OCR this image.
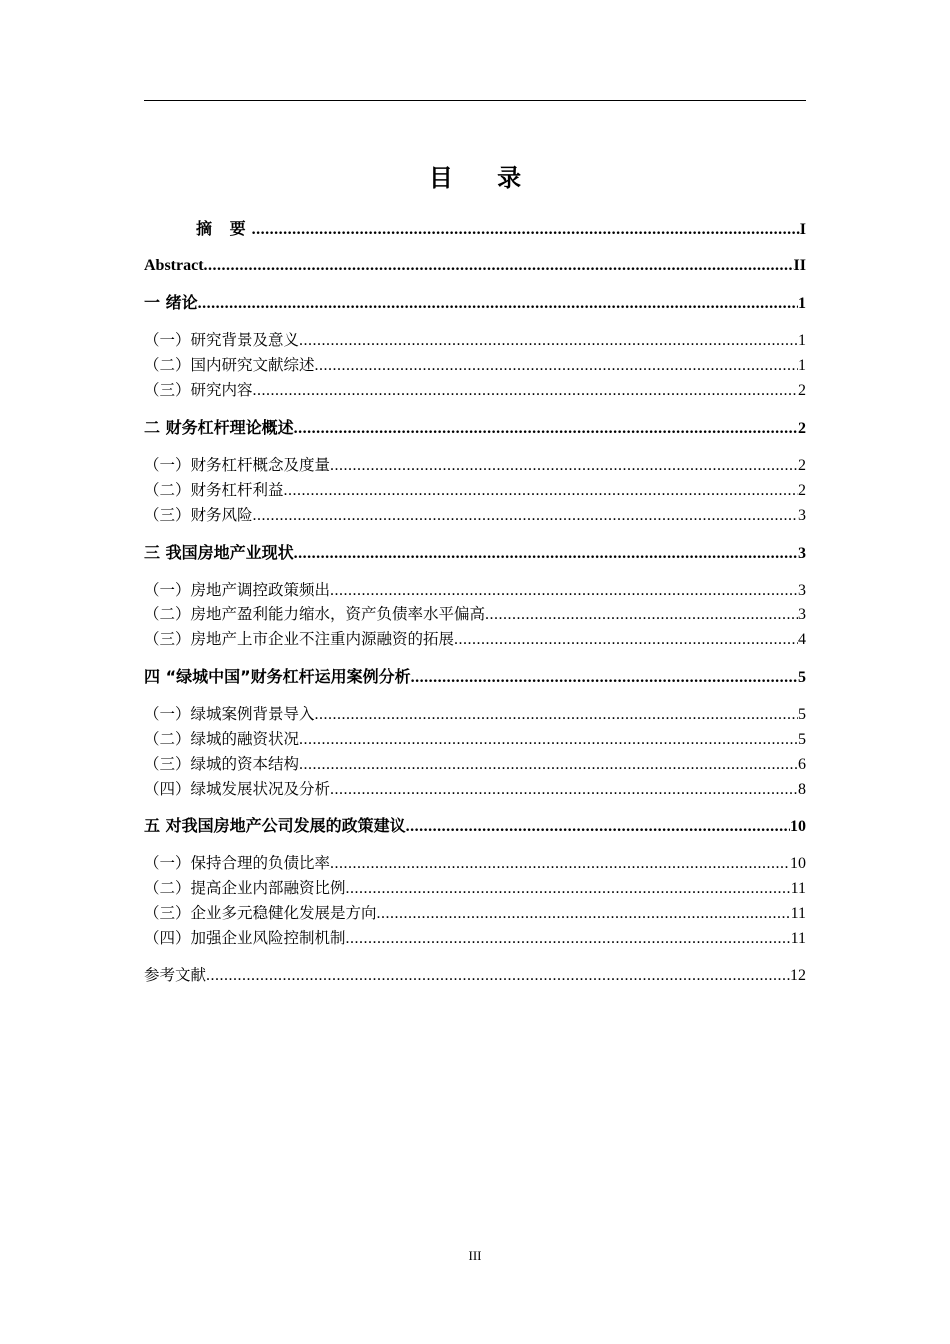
目 录
摘 要 .....	I
Abstract .....	II
一 绪论 .....	1
（一）研究背景及意义 .....	1
（二）国内研究文献综述 .....	1
（三）研究内容 .....	2
二 财务杠杆理论概述 .....	2
（一）财务杠杆概念及度量 .....	2
（二）财务杠杆利益 .....	2
（三）财务风险 .....	3
三 我国房地产业现状 .....	3
（一）房地产调控政策频出 .....	3
（二）房地产盈利能力缩水，资产负债率水平偏高 .....	3
（三）房地产上市企业不注重内源融资的拓展 .....	4
四 “绿城中国”财务杠杆运用案例分析 .....	5
（一）绿城案例背景导入 .....	5
（二）绿城的融资状况 .....	5
（三）绿城的资本结构 .....	6
（四）绿城发展状况及分析 .....	8
五 对我国房地产公司发展的政策建议 .....	10
（一）保持合理的负债比率 .....	10
（二）提高企业内部融资比例 .....	11
（三）企业多元稳健化发展是方向 .....	11
（四）加强企业风险控制机制 .....	11
参考文献 .....	12
III
